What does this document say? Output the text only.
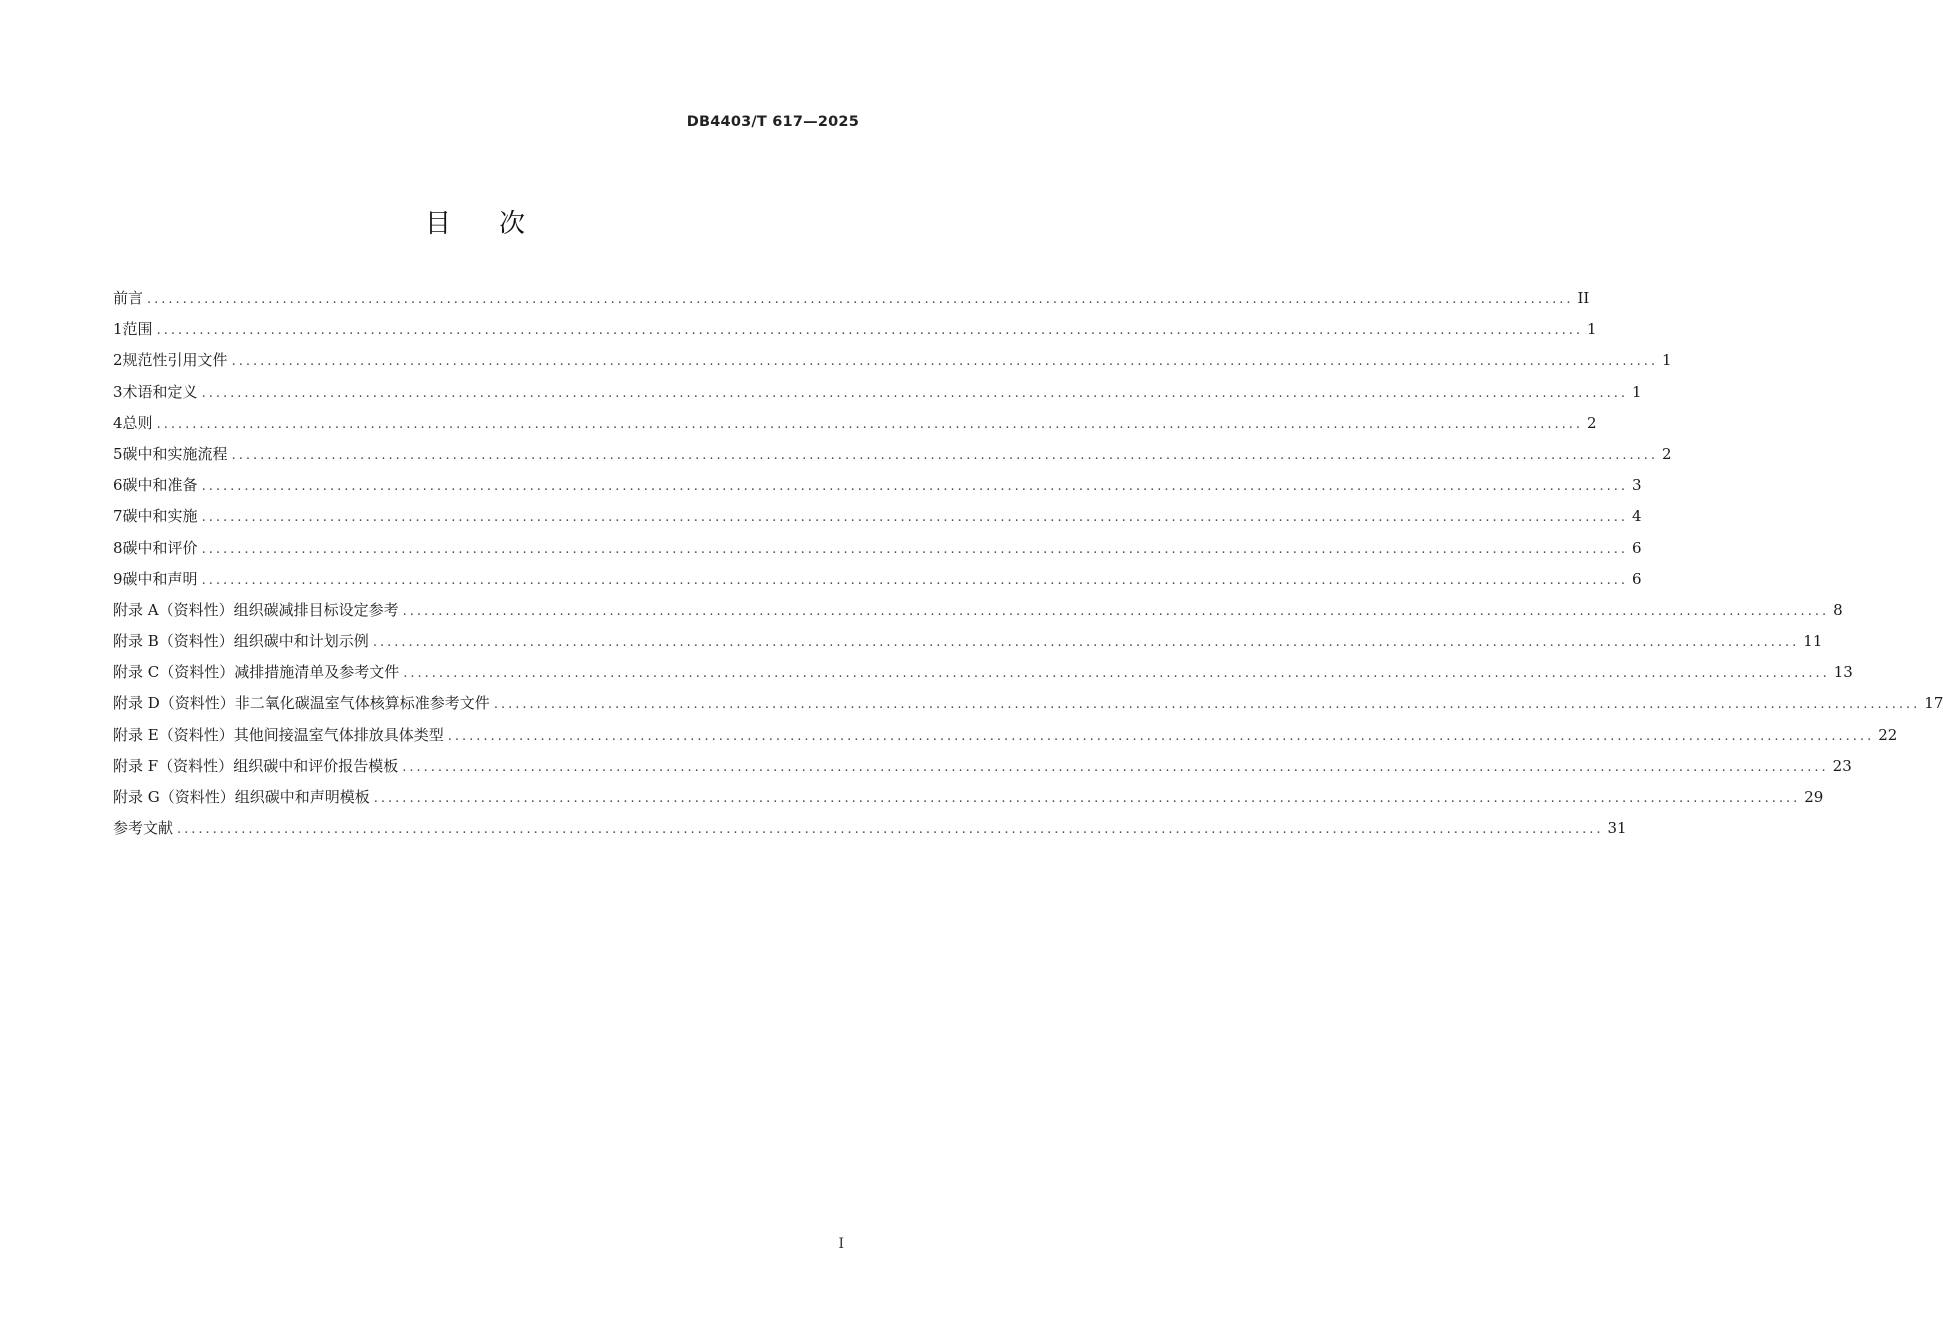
DB4403/T 617—2025
目 次
前言 ........................................................................................................................................................................................................ II
1 范围 ........................................................................................................................................................................................................ 1
2 规范性引用文件 ........................................................................................................................................................................................................ 1
3 术语和定义 ........................................................................................................................................................................................................ 1
4 总则 ........................................................................................................................................................................................................ 2
5 碳中和实施流程 ........................................................................................................................................................................................................ 2
6 碳中和准备 ........................................................................................................................................................................................................ 3
7 碳中和实施 ........................................................................................................................................................................................................ 4
8 碳中和评价 ........................................................................................................................................................................................................ 6
9 碳中和声明 ........................................................................................................................................................................................................ 6
附录 A（资料性） 组织碳减排目标设定参考 ........................................................................................................................................................................................................ 8
附录 B（资料性） 组织碳中和计划示例 ........................................................................................................................................................................................................ 11
附录 C（资料性） 减排措施清单及参考文件 ........................................................................................................................................................................................................ 13
附录 D（资料性） 非二氧化碳温室气体核算标准参考文件 ........................................................................................................................................................................................................ 17
附录 E（资料性） 其他间接温室气体排放具体类型 ........................................................................................................................................................................................................ 22
附录 F（资料性） 组织碳中和评价报告模板 ........................................................................................................................................................................................................ 23
附录 G（资料性） 组织碳中和声明模板 ........................................................................................................................................................................................................ 29
参考文献 ........................................................................................................................................................................................................ 31
I
